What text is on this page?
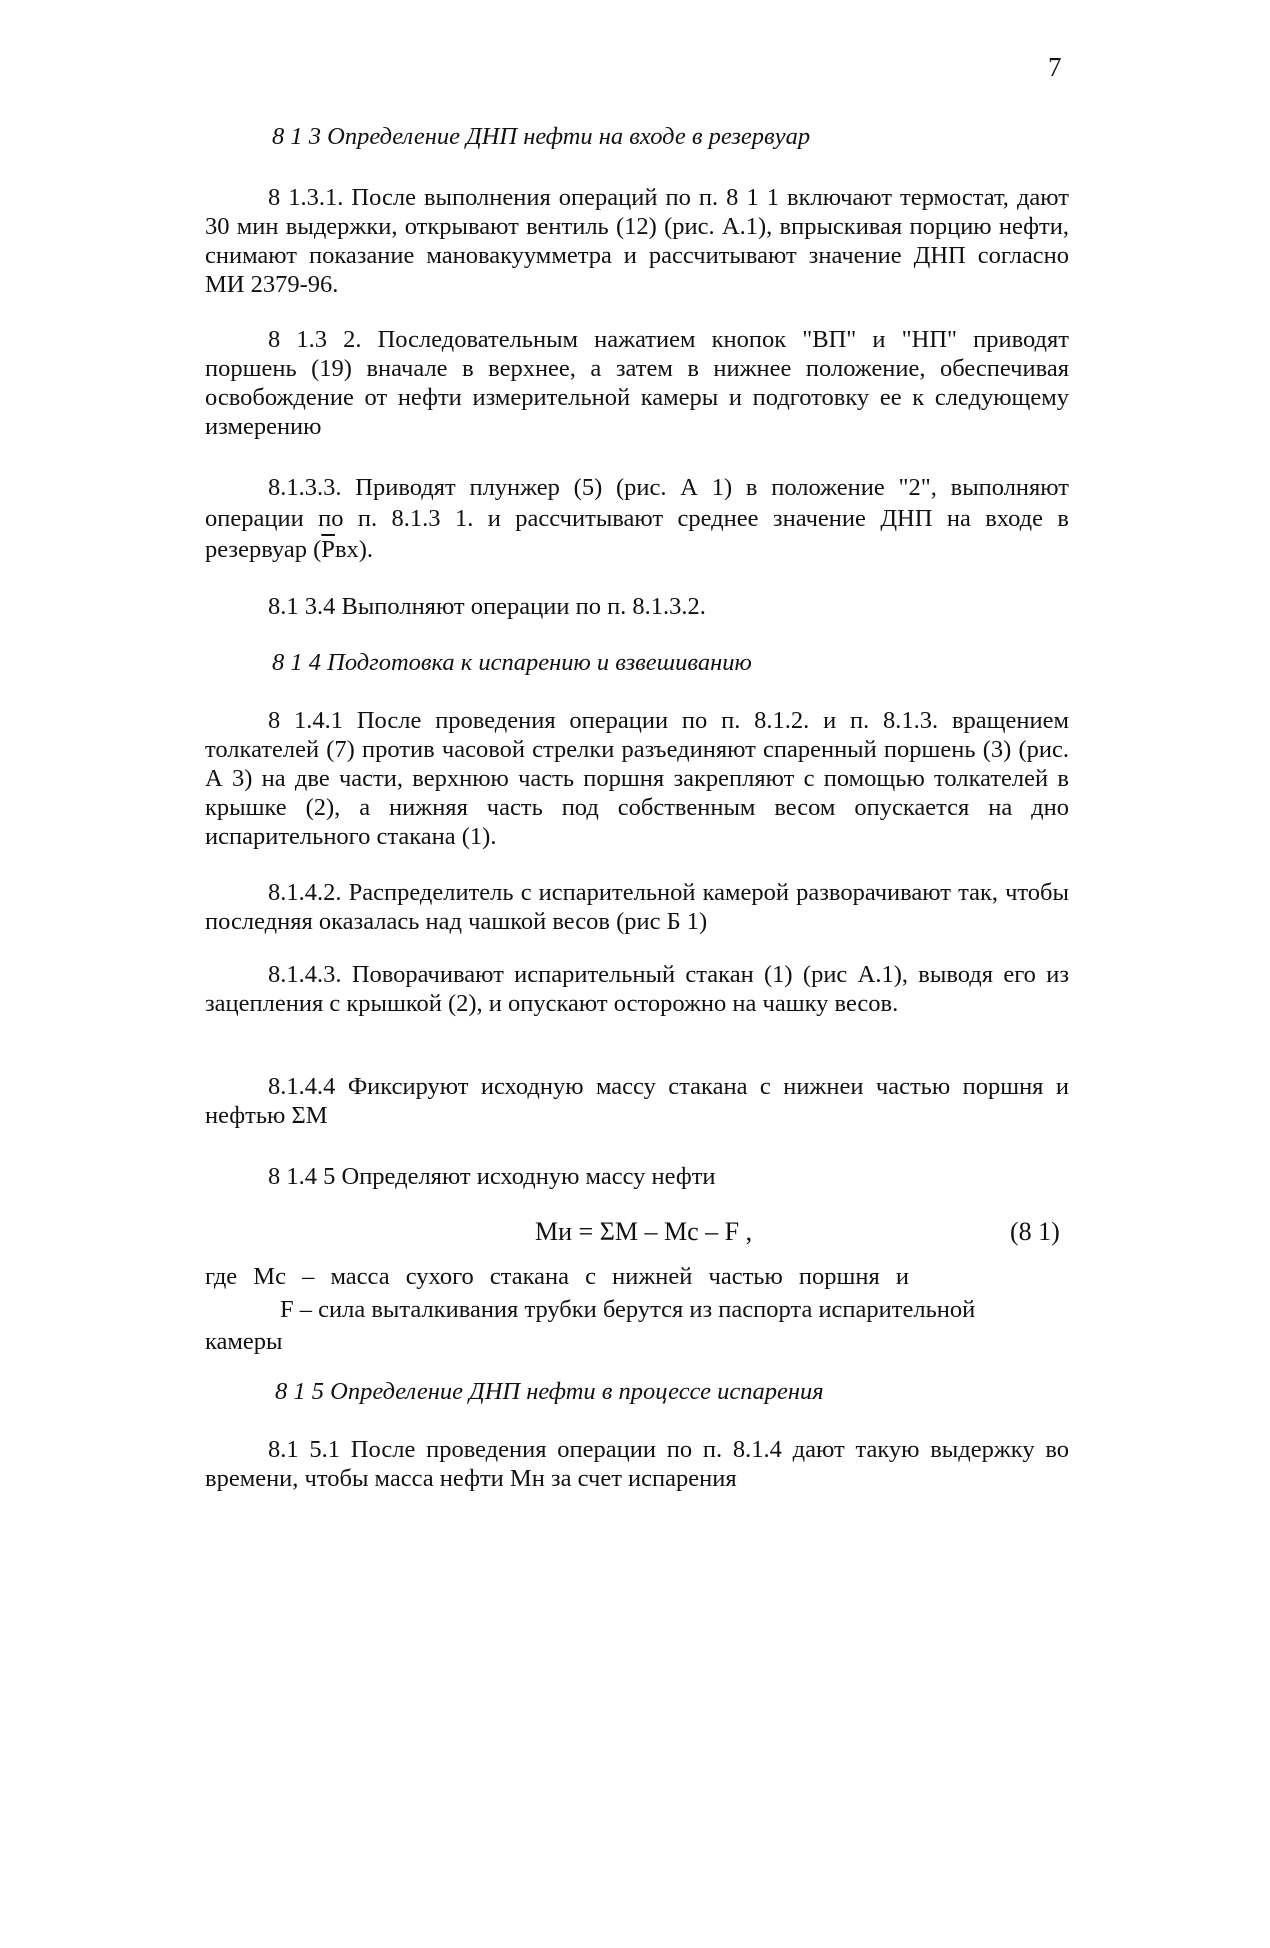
7

8 1 3 Определение ДНП нефти на входе в резервуар

8 1.3.1. После выполнения операций по п. 8 1 1 включают термостат, дают 30 мин выдержки, открывают вентиль (12) (рис. А.1), впрыскивая порцию нефти, снимают показание мановакуумметра и рассчитывают значение ДНП согласно МИ 2379-96.

8 1.3 2. Последовательным нажатием кнопок "ВП" и "НП" приводят поршень (19) вначале в верхнее, а затем в нижнее положение, обеспечивая освобождение от нефти измерительной камеры и подготовку ее к следующему измерению

8.1.3.3. Приводят плунжер (5) (рис. А 1) в положение "2", выполняют операции по п. 8.1.3 1. и рассчитывают среднее значение ДНП на входе в резервуар $(\overline{P}вх)$.

8.1 3.4 Выполняют операции по п. 8.1.3.2.

8 1 4 Подготовка к испарению и взвешиванию

8 1.4.1 После проведения операции по п. 8.1.2. и п. 8.1.3. вращением толкателей (7) против часовой стрелки разъединяют спаренный поршень (3) (рис. А 3) на две части, верхнюю часть поршня закрепляют с помощью толкателей в крышке (2), а нижняя часть под собственным весом опускается на дно испарительного стакана (1).

8.1.4.2. Распределитель с испарительной камерой разворачивают так, чтобы последняя оказалась над чашкой весов (рис Б 1)

8.1.4.3. Поворачивают испарительный стакан (1) (рис А.1), выводя его из зацепления с крышкой (2), и опускают осторожно на чашку весов.

8.1.4.4 Фиксируют исходную массу стакана с нижнеи частью поршня и нефтью ΣМ

8 1.4 5 Определяют исходную массу нефти

Ми = ΣМ – Мс – F ,	(8 1)

где Мс – масса сухого стакана с нижней частью поршня и

F – сила выталкивания трубки берутся из паспорта испарительной

камеры

8 1 5 Определение ДНП нефти в процессе испарения

8.1 5.1 После проведения операции по п. 8.1.4 дают такую выдержку во времени, чтобы масса нефти Мн за счет испарения
